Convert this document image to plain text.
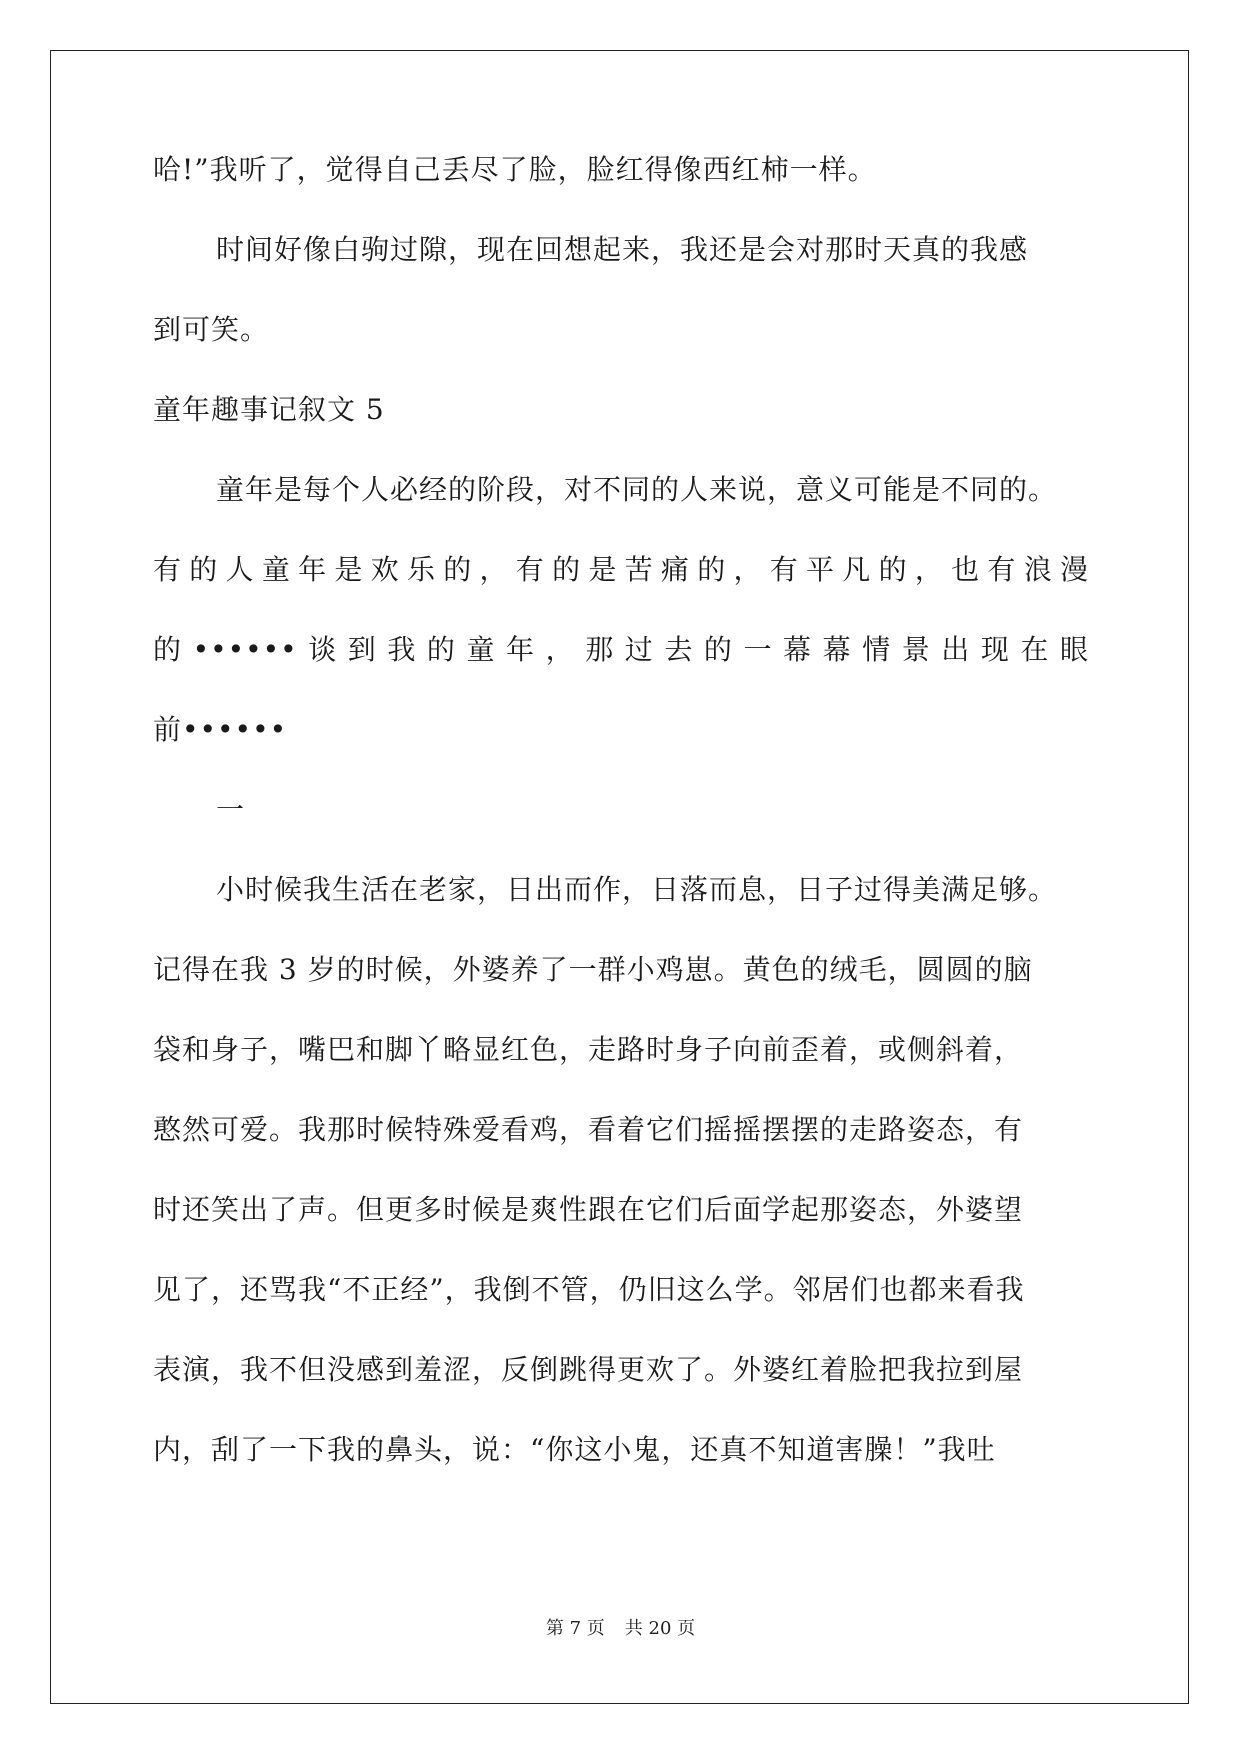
哈!”我听了，觉得自己丢尽了脸，脸红得像西红柿一样。
时间好像白驹过隙，现在回想起来，我还是会对那时天真的我感
到可笑。
童年趣事记叙文 5
童年是每个人必经的阶段，对不同的人来说，意义可能是不同的。
有的人童年是欢乐的，有的是苦痛的，有平凡的，也有浪漫
的••••••谈到我的童年，那过去的一幕幕情景出现在眼
前••••••
一
小时候我生活在老家，日出而作，日落而息，日子过得美满足够。
记得在我 3 岁的时候，外婆养了一群小鸡崽。黄色的绒毛，圆圆的脑
袋和身子，嘴巴和脚丫略显红色，走路时身子向前歪着，或侧斜着，
憨然可爱。我那时候特殊爱看鸡，看着它们摇摇摆摆的走路姿态，有
时还笑出了声。但更多时候是爽性跟在它们后面学起那姿态，外婆望
见了，还骂我“不正经”，我倒不管，仍旧这么学。邻居们也都来看我
表演，我不但没感到羞涩，反倒跳得更欢了。外婆红着脸把我拉到屋
内，刮了一下我的鼻头，说：“你这小鬼，还真不知道害臊！”我吐
第 7 页 共 20 页
